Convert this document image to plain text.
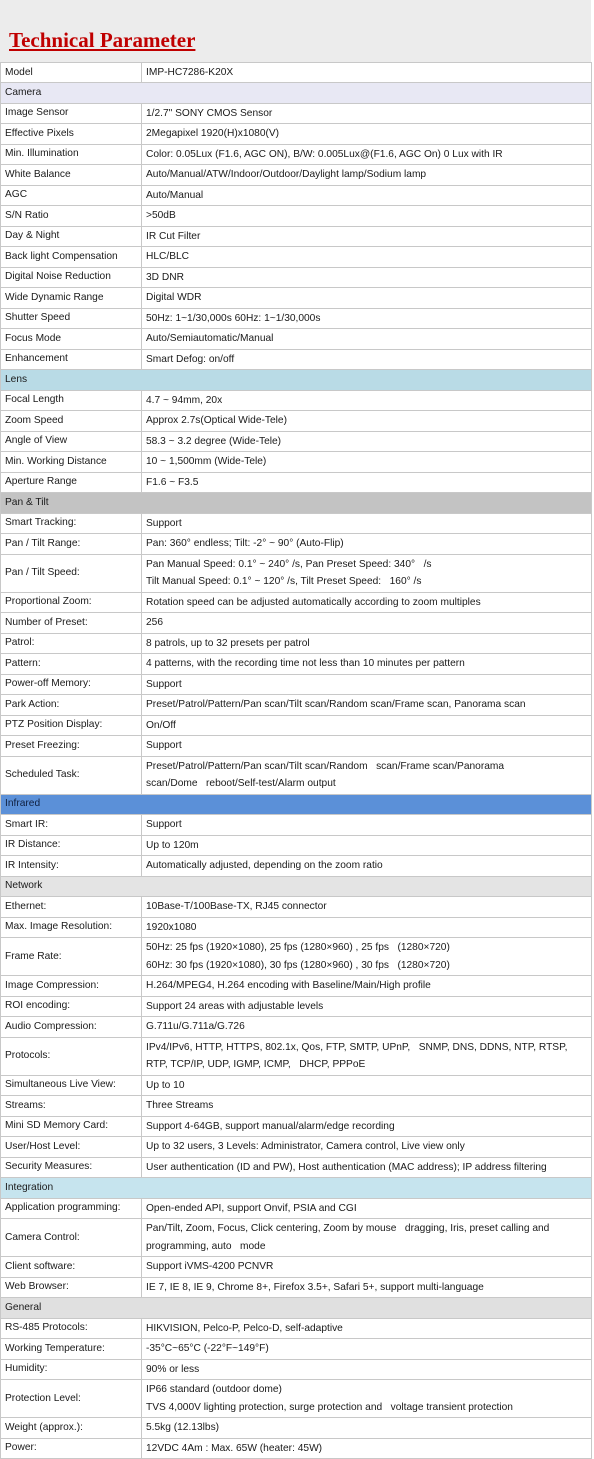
Technical Parameter
Model	IMP-HC7286-K20X
Camera	
Image Sensor	1/2.7" SONY CMOS Sensor
Effective Pixels	2Megapixel 1920(H)x1080(V)
Min. Illumination	Color: 0.05Lux (F1.6, AGC ON), B/W: 0.005Lux@(F1.6, AGC On) 0 Lux with IR
White Balance	Auto/Manual/ATW/Indoor/Outdoor/Daylight lamp/Sodium lamp
AGC	Auto/Manual
S/N Ratio	>50dB
Day & Night	IR Cut Filter
Back light Compensation	HLC/BLC
Digital Noise Reduction	3D DNR
Wide Dynamic Range	Digital WDR
Shutter Speed	50Hz: 1~1/30,000s 60Hz: 1~1/30,000s
Focus Mode	Auto/Semiautomatic/Manual
Enhancement	Smart Defog: on/off
Lens	
Focal Length	4.7 ~ 94mm, 20x
Zoom Speed	Approx 2.7s(Optical Wide-Tele)
Angle of View	58.3 ~ 3.2 degree (Wide-Tele)
Min. Working Distance	10 ~ 1,500mm (Wide-Tele)
Aperture Range	F1.6 ~ F3.5
Pan & Tilt	
Smart Tracking:	Support
Pan / Tilt Range:	Pan: 360° endless; Tilt: -2° ~ 90° (Auto-Flip)
Pan / Tilt Speed:	Pan Manual Speed: 0.1° ~ 240° /s, Pan Preset Speed: 340°   /s
Tilt Manual Speed: 0.1° ~ 120° /s, Tilt Preset Speed:   160° /s
Proportional Zoom:	Rotation speed can be adjusted automatically according to zoom multiples
Number of Preset:	256
Patrol:	8 patrols, up to 32 presets per patrol
Pattern:	4 patterns, with the recording time not less than 10 minutes per pattern
Power-off Memory:	Support
Park Action:	Preset/Patrol/Pattern/Pan scan/Tilt scan/Random scan/Frame scan, Panorama scan
PTZ Position Display:	On/Off
Preset Freezing:	Support
Scheduled Task:	Preset/Patrol/Pattern/Pan scan/Tilt scan/Random   scan/Frame scan/Panorama
scan/Dome   reboot/Self-test/Alarm output
Infrared	
Smart IR:	Support
IR Distance:	Up to 120m
IR Intensity:	Automatically adjusted, depending on the zoom ratio
Network	
Ethernet:	10Base-T/100Base-TX, RJ45 connector
Max. Image Resolution:	1920x1080
Frame Rate:	50Hz: 25 fps (1920×1080), 25 fps (1280×960) , 25 fps   (1280×720)
60Hz: 30 fps (1920×1080), 30 fps (1280×960) , 30 fps   (1280×720)
Image Compression:	H.264/MPEG4, H.264 encoding with Baseline/Main/High profile
ROI encoding:	Support 24 areas with adjustable levels
Audio Compression:	G.711u/G.711a/G.726
Protocols:	IPv4/IPv6, HTTP, HTTPS, 802.1x, Qos, FTP, SMTP, UPnP,   SNMP, DNS, DDNS, NTP, RTSP,
RTP, TCP/IP, UDP, IGMP, ICMP,   DHCP, PPPoE
Simultaneous Live View:	Up to 10
Streams:	Three Streams
Mini SD Memory Card:	Support 4-64GB, support manual/alarm/edge recording
User/Host Level:	Up to 32 users, 3 Levels: Administrator, Camera control, Live view only
Security Measures:	User authentication (ID and PW), Host authentication (MAC address); IP address filtering
Integration	
Application programming:	Open-ended API, support Onvif, PSIA and CGI
Camera Control:	Pan/Tilt, Zoom, Focus, Click centering, Zoom by mouse   dragging, Iris, preset calling and
programming, auto   mode
Client software:	Support iVMS-4200 PCNVR
Web Browser:	IE 7, IE 8, IE 9, Chrome 8+, Firefox 3.5+, Safari 5+, support multi-language
General	
RS-485 Protocols:	HIKVISION, Pelco-P, Pelco-D, self-adaptive
Working Temperature:	-35°C~65°C (-22°F~149°F)
Humidity:	90% or less
Protection Level:	IP66 standard (outdoor dome)
TVS 4,000V lighting protection, surge protection and   voltage transient protection
Weight (approx.):	5.5kg (12.13lbs)
Power:	12VDC 4Am : Max. 65W (heater: 45W)
